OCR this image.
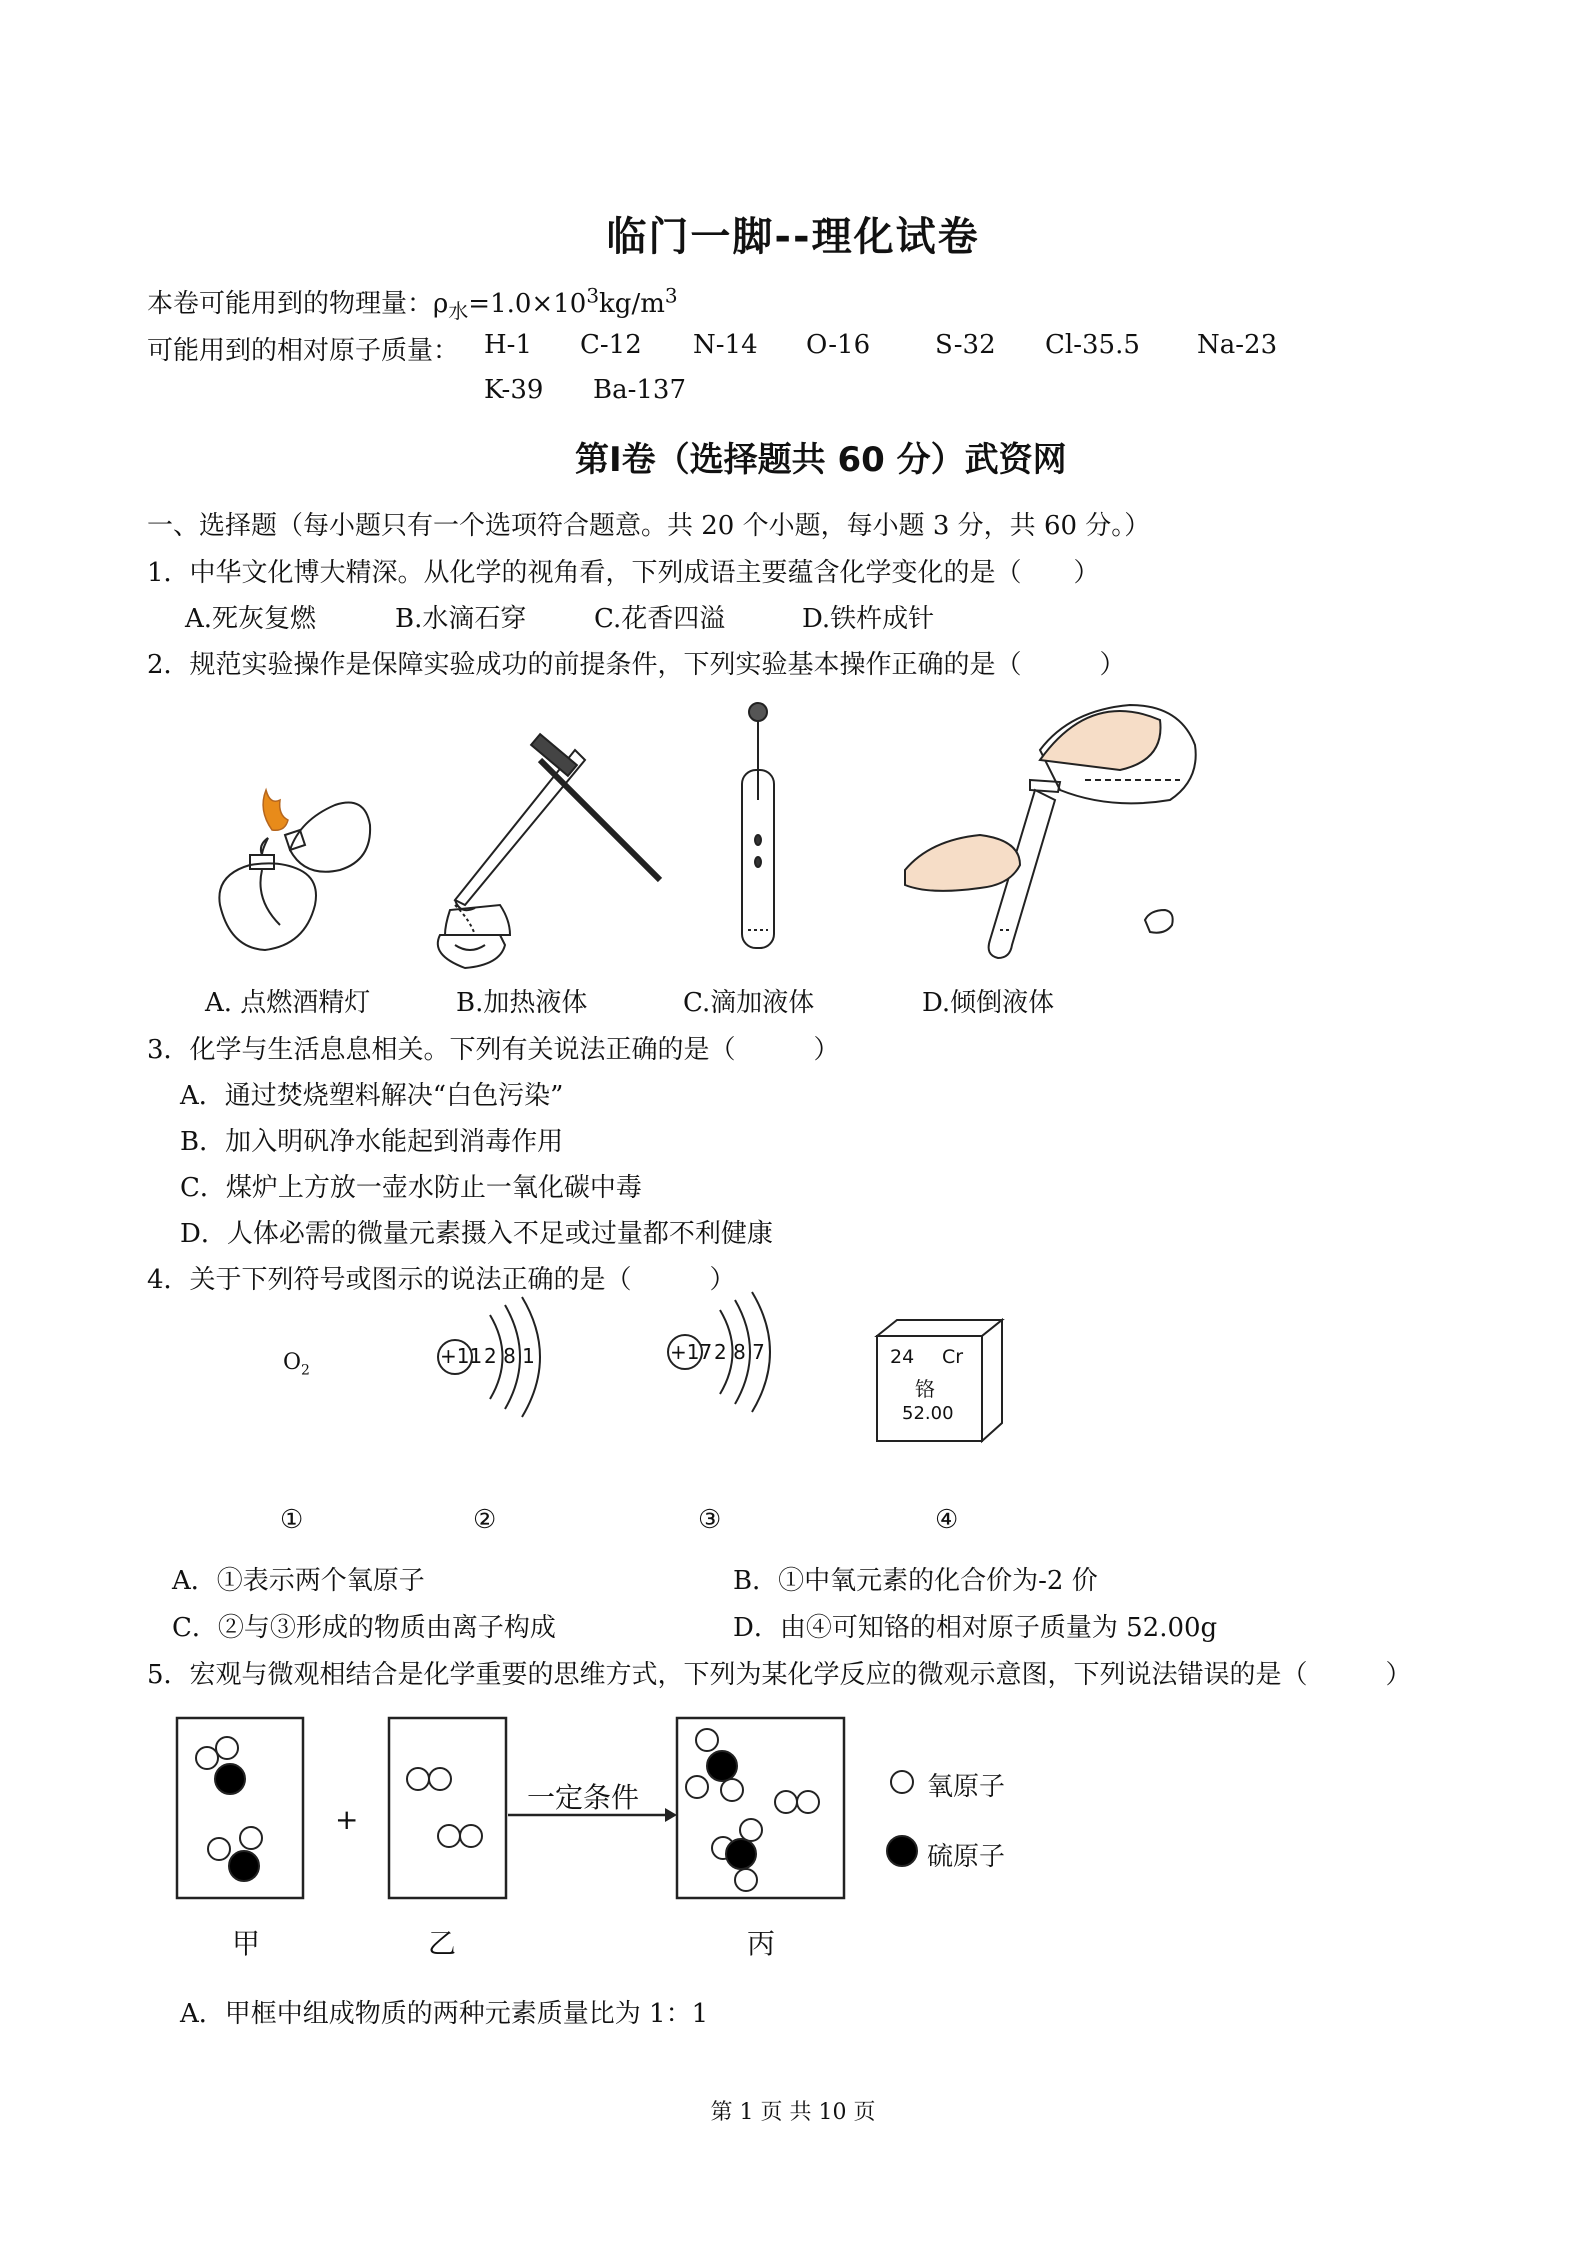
临门一脚--理化试卷
本卷可能用到的物理量：$\rho_水=1.0\times 10^3kg/m^3$
可能用到的相对原子质量： H-1 C-12 N-14 O-16 S-32 Cl-35.5 Na-23
K-39 Ba-137
第Ⅰ卷（选择题共 60 分）武资网
一、选择题（每小题只有一个选项符合题意。共 20 个小题，每小题 3 分，共 60 分。）
1．中华文化博大精深。从化学的视角看，下列成语主要蕴含化学变化的是（　　）
A.死灰复燃	B.水滴石穿	C.花香四溢	D.铁杵成针
2．规范实验操作是保障实验成功的前提条件，下列实验基本操作正确的是（　　　）
A. 点燃酒精灯	B.加热液体	C.滴加液体	D.倾倒液体
3．化学与生活息息相关。下列有关说法正确的是（　　　）
A．通过焚烧塑料解决“白色污染”
B．加入明矾净水能起到消毒作用
C．煤炉上方放一壶水防止一氧化碳中毒
D．人体必需的微量元素摄入不足或过量都不利健康
4．关于下列符号或图示的说法正确的是（　　　）
$O_2$
+11 2 8 1	+17 2 8 7	24 Cr
铬
52.00
①	②	③	④
A．①表示两个氧原子	B．①中氧元素的化合价为-2 价
C．②与③形成的物质由离子构成	D．由④可知铬的相对原子质量为 52.00g
5．宏观与微观相结合是化学重要的思维方式，下列为某化学反应的微观示意图，下列说法错误的是（　　　）
+
一定条件
甲	乙	丙
氧原子
硫原子
A．甲框中组成物质的两种元素质量比为 1：1
第 1 页 共 10 页
